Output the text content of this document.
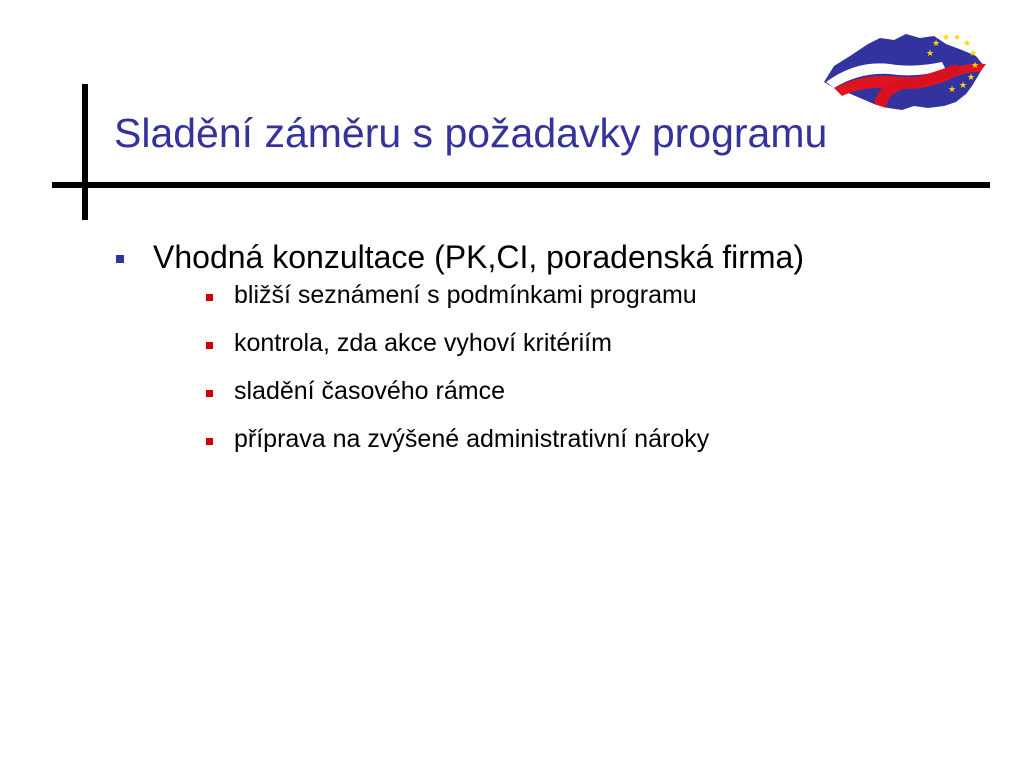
Sladění záměru s požadavky programu
★
★ ★
★
★
★
★
★
★
★
Vhodná konzultace (PK,CI, poradenská firma)
bližší seznámení s podmínkami programu
kontrola, zda akce vyhoví kritériím
sladění časového rámce
příprava na zvýšené administrativní nároky
